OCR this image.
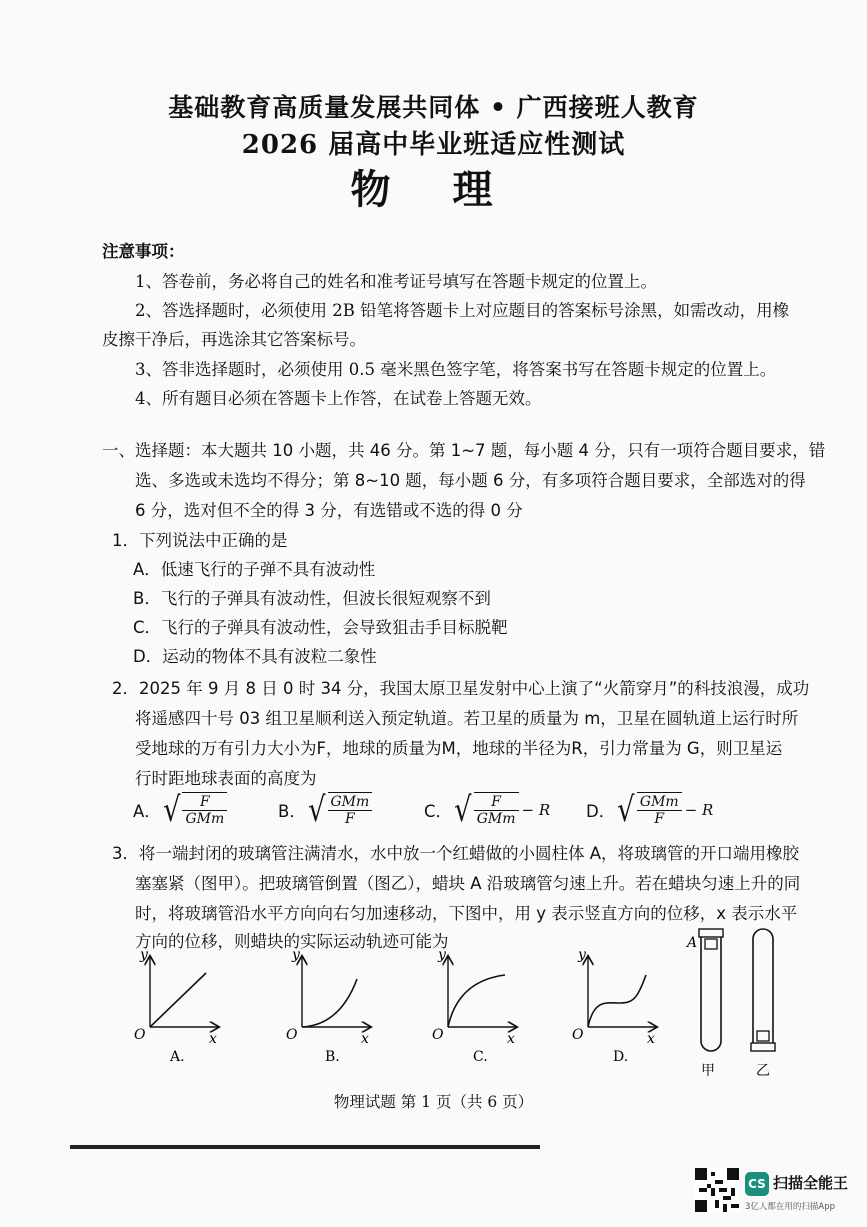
基础教育高质量发展共同体 • 广西接班人教育
2026 届高中毕业班适应性测试
物 理
注意事项：
1、答卷前，务必将自己的姓名和准考证号填写在答题卡规定的位置上。
2、答选择题时，必须使用 2B 铅笔将答题卡上对应题目的答案标号涂黑，如需改动，用橡
皮擦干净后，再选涂其它答案标号。
3、答非选择题时，必须使用 0.5 毫米黑色签字笔，将答案书写在答题卡规定的位置上。
4、所有题目必须在答题卡上作答，在试卷上答题无效。
一、选择题：本大题共 10 小题，共 46 分。第 1~7 题，每小题 4 分，只有一项符合题目要求，错
选、多选或未选均不得分；第 8~10 题，每小题 6 分，有多项符合题目要求，全部选对的得
6 分，选对但不全的得 3 分，有选错或不选的得 0 分
1．下列说法中正确的是
A．低速飞行的子弹不具有波动性
B．飞行的子弹具有波动性，但波长很短观察不到
C．飞行的子弹具有波动性，会导致狙击手目标脱靶
D．运动的物体不具有波粒二象性
2．2025 年 9 月 8 日 0 时 34 分，我国太原卫星发射中心上演了“火箭穿月”的科技浪漫，成功
将遥感四十号 03 组卫星顺利送入预定轨道。若卫星的质量为 m，卫星在圆轨道上运行时所
受地球的万有引力大小为F，地球的质量为M，地球的半径为R，引力常量为 G，则卫星运
行时距地球表面的高度为
A． √ $\frac{F}{\text{GMm}}$	B． √ $\frac{\text{GMm}}{F}$	C． √ $\frac{F}{\text{GMm}} - R$ D． √ $\frac{\text{GMm}}{F} - R$
3．将一端封闭的玻璃管注满清水，水中放一个红蜡做的小圆柱体 A，将玻璃管的开口端用橡胶
塞塞紧（图甲）。把玻璃管倒置（图乙），蜡块 A 沿玻璃管匀速上升。若在蜡块匀速上升的同
时，将玻璃管沿水平方向向右匀加速移动，下图中，用 y 表示竖直方向的位移，x 表示水平
方向的位移，则蜡块的实际运动轨迹可能为
y
O	x
A.
y
O	x
B.
y
O	x
C.
y
O	x
D.
A
甲	乙
物理试题 第 1 页（共 6 页）
CS 扫描全能王
3亿人都在用的扫描App
